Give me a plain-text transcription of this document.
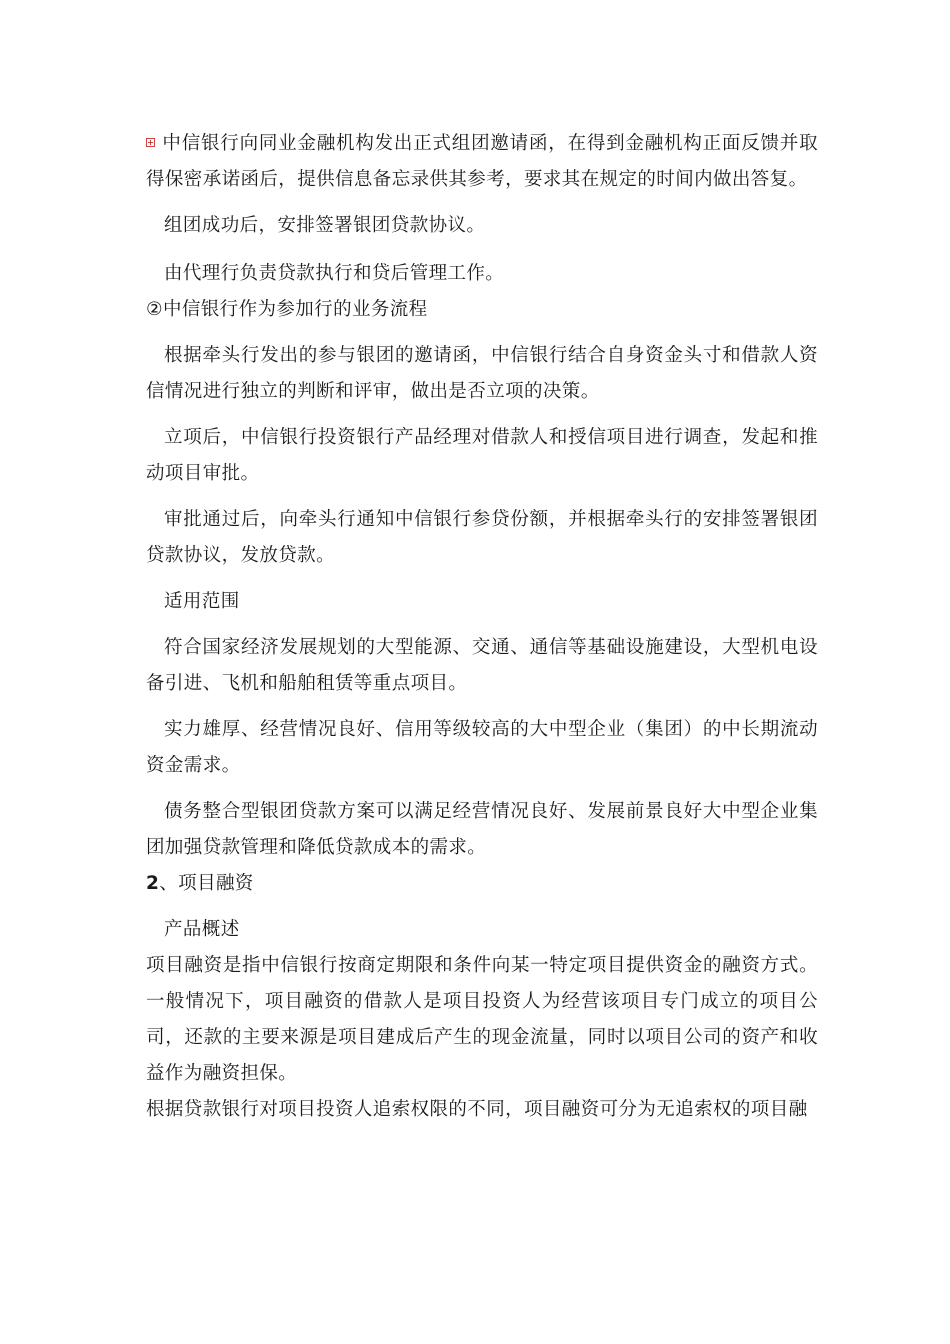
中信银行向同业金融机构发出正式组团邀请函，在得到金融机构正面反馈并取得保密承诺函后，提供信息备忘录供其参考，要求其在规定的时间内做出答复。

组团成功后，安排签署银团贷款协议。

由代理行负责贷款执行和贷后管理工作。

②中信银行作为参加行的业务流程

根据牵头行发出的参与银团的邀请函，中信银行结合自身资金头寸和借款人资信情况进行独立的判断和评审，做出是否立项的决策。

立项后，中信银行投资银行产品经理对借款人和授信项目进行调查，发起和推动项目审批。

审批通过后，向牵头行通知中信银行参贷份额，并根据牵头行的安排签署银团贷款协议，发放贷款。

适用范围

符合国家经济发展规划的大型能源、交通、通信等基础设施建设，大型机电设备引进、飞机和船舶租赁等重点项目。

实力雄厚、经营情况良好、信用等级较高的大中型企业（集团）的中长期流动资金需求。

债务整合型银团贷款方案可以满足经营情况良好、发展前景良好大中型企业集团加强贷款管理和降低贷款成本的需求。

2、项目融资

产品概述

项目融资是指中信银行按商定期限和条件向某一特定项目提供资金的融资方式。一般情况下，项目融资的借款人是项目投资人为经营该项目专门成立的项目公司，还款的主要来源是项目建成后产生的现金流量，同时以项目公司的资产和收益作为融资担保。

根据贷款银行对项目投资人追索权限的不同，项目融资可分为无追索权的项目融
